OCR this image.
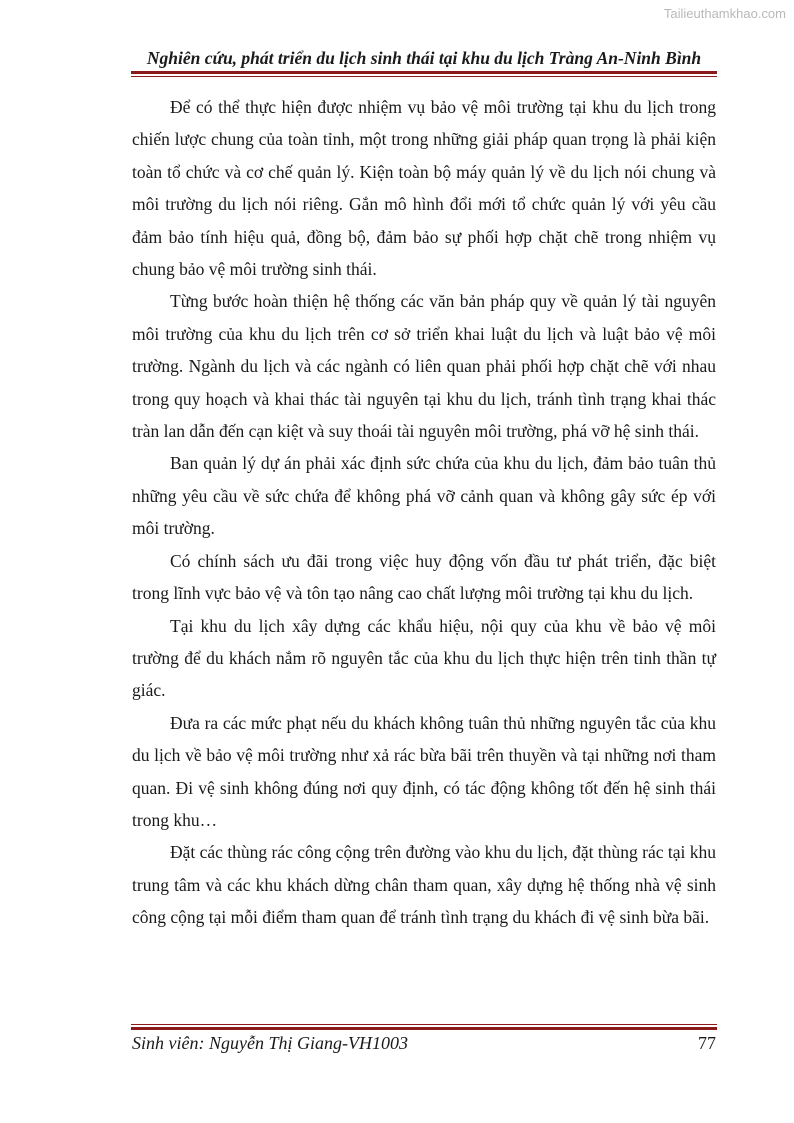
Tailieuthamkhao.com
Nghiên cứu, phát triển du lịch sinh thái tại khu du lịch Tràng An-Ninh Bình

Để có thể thực hiện được nhiệm vụ bảo vệ môi trường tại khu du lịch trong chiến lược chung của toàn tỉnh, một trong những giải pháp quan trọng là phải kiện toàn tổ chức và cơ chế quản lý. Kiện toàn bộ máy quản lý về du lịch nói chung và môi trường du lịch nói riêng. Gắn mô hình đổi mới tổ chức quản lý với yêu cầu đảm bảo tính hiệu quả, đồng bộ, đảm bảo sự phối hợp chặt chẽ trong nhiệm vụ chung bảo vệ môi trường sinh thái.

Từng bước hoàn thiện hệ thống các văn bản pháp quy về quản lý tài nguyên môi trường của khu du lịch trên cơ sở triển khai luật du lịch và luật bảo vệ môi trường. Ngành du lịch và các ngành có liên quan phải phối hợp chặt chẽ với nhau trong quy hoạch và khai thác tài nguyên tại khu du lịch, tránh tình trạng khai thác tràn lan dẫn đến cạn kiệt và suy thoái tài nguyên môi trường, phá vỡ hệ sinh thái.

Ban quản lý dự án phải xác định sức chứa của khu du lịch, đảm bảo tuân thủ những yêu cầu về sức chứa để không phá vỡ cảnh quan và không gây sức ép với môi trường.

Có chính sách ưu đãi trong việc huy động vốn đầu tư phát triển, đặc biệt trong lĩnh vực bảo vệ và tôn tạo nâng cao chất lượng môi trường tại khu du lịch.

Tại khu du lịch xây dựng các khẩu hiệu, nội quy của khu về bảo vệ môi trường để du khách nắm rõ nguyên tắc của khu du lịch thực hiện trên tinh thần tự giác.

Đưa ra các mức phạt nếu du khách không tuân thủ những nguyên tắc của khu du lịch về bảo vệ môi trường như xả rác bừa bãi trên thuyền và tại những nơi tham quan. Đi vệ sinh không đúng nơi quy định, có tác động không tốt đến hệ sinh thái trong khu…

Đặt các thùng rác công cộng trên đường vào khu du lịch, đặt thùng rác tại khu trung tâm và các khu khách dừng chân tham quan, xây dựng hệ thống nhà vệ sinh công cộng tại mỗi điểm tham quan để tránh tình trạng du khách đi vệ sinh bừa bãi.

Sinh viên: Nguyễn Thị Giang-VH1003	77
